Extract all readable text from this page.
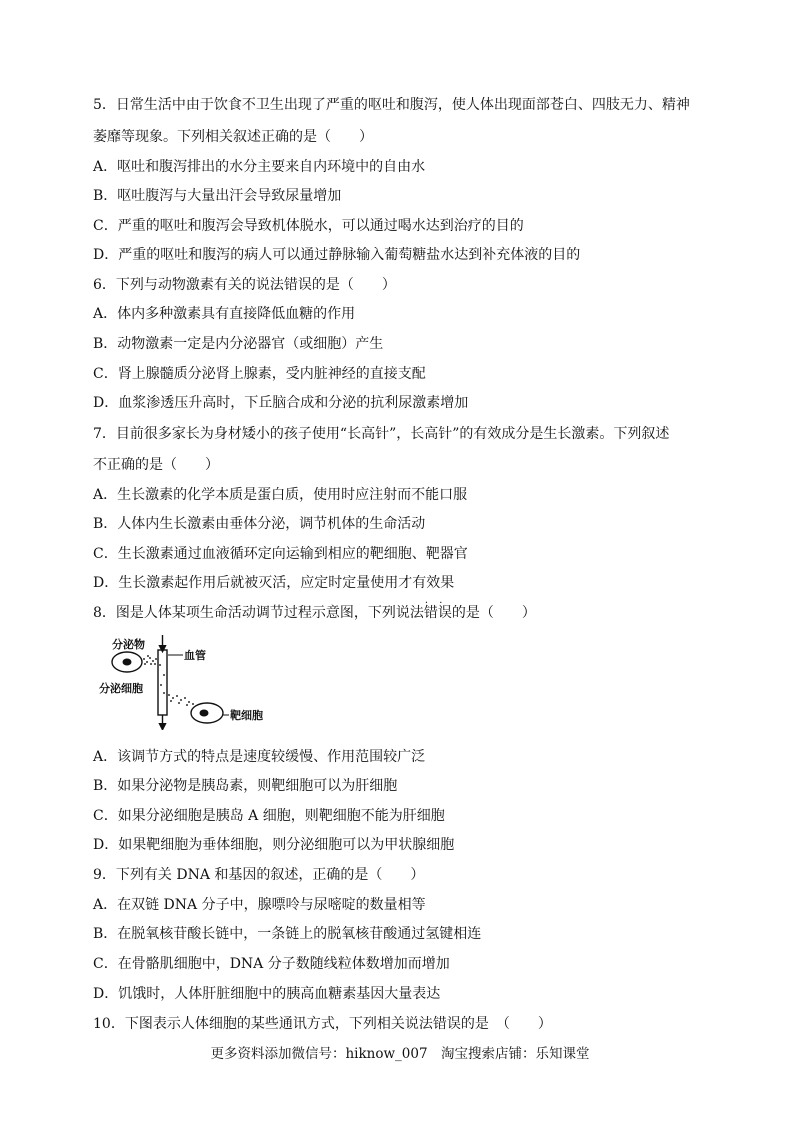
5．日常生活中由于饮食不卫生出现了严重的呕吐和腹泻，使人体出现面部苍白、四肢无力、精神
萎靡等现象。下列相关叙述正确的是（　　）
A．呕吐和腹泻排出的水分主要来自内环境中的自由水
B．呕吐腹泻与大量出汗会导致尿量增加
C．严重的呕吐和腹泻会导致机体脱水，可以通过喝水达到治疗的目的
D．严重的呕吐和腹泻的病人可以通过静脉输入葡萄糖盐水达到补充体液的目的
6．下列与动物激素有关的说法错误的是（　　）
A．体内多种激素具有直接降低血糖的作用
B．动物激素一定是内分泌器官（或细胞）产生
C．肾上腺髓质分泌肾上腺素，受内脏神经的直接支配
D．血浆渗透压升高时，下丘脑合成和分泌的抗利尿激素增加
7．目前很多家长为身材矮小的孩子使用“长高针”，长高针”的有效成分是生长激素。下列叙述
不正确的是（　　）
A．生长激素的化学本质是蛋白质，使用时应注射而不能口服
B．人体内生长激素由垂体分泌，调节机体的生命活动
C．生长激素通过血液循环定向运输到相应的靶细胞、靶器官
D．生长激素起作用后就被灭活，应定时定量使用才有效果
8．图是人体某项生命活动调节过程示意图，下列说法错误 · ·的是（　　）
分泌物
血管
分泌细胞
靶细胞
A．该调节方式的特点是速度较缓慢、作用范围较广泛
B．如果分泌物是胰岛素，则靶细胞可以为肝细胞
C．如果分泌细胞是胰岛 A 细胞，则靶细胞不能为肝细胞
D．如果靶细胞为垂体细胞，则分泌细胞可以为甲状腺细胞
9．下列有关 DNA 和基因的叙述，正确的是（　　）
A．在双链 DNA 分子中，腺嘌呤与尿嘧啶的数量相等
B．在脱氧核苷酸长链中，一条链上的脱氧核苷酸通过氢键相连
C．在骨骼肌细胞中，DNA 分子数随线粒体数增加而增加
D．饥饿时，人体肝脏细胞中的胰高血糖素基因大量表达
10．下图表示人体细胞的某些通讯方式，下列相关说法错误的是　（　　）
更多资料添加微信号：hiknow_007　淘宝搜索店铺：乐知课堂
